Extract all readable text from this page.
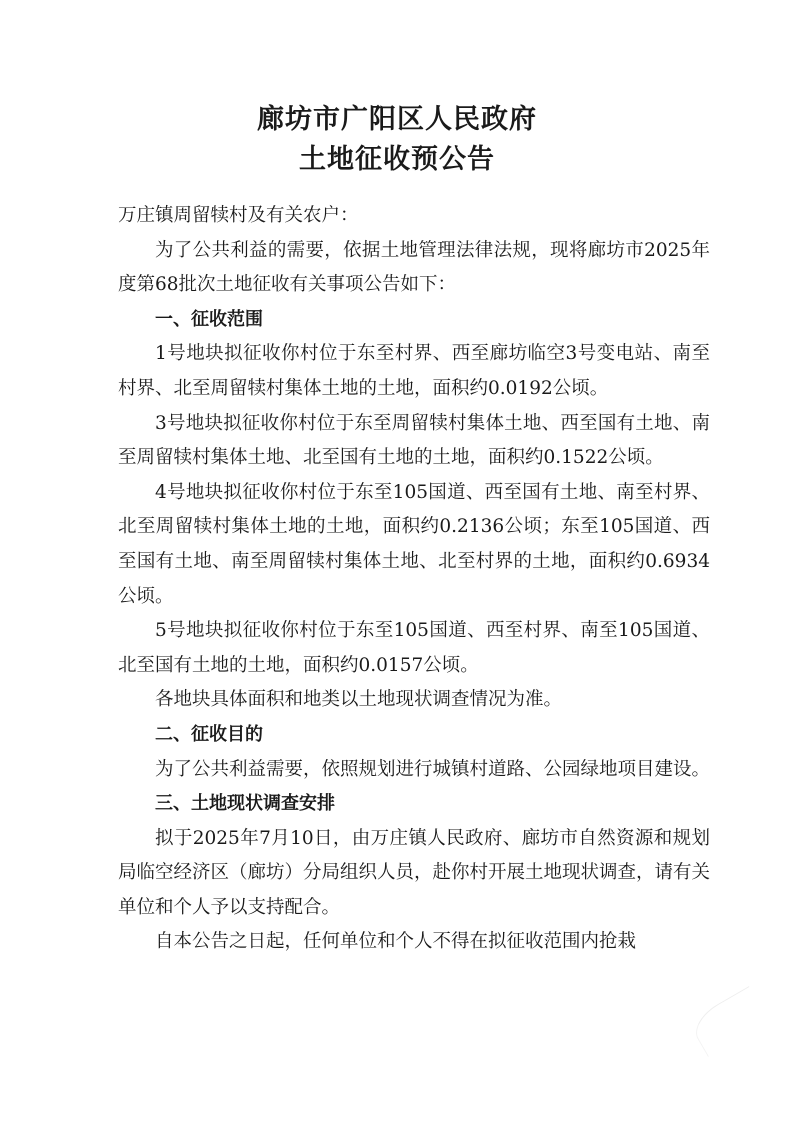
廊坊市广阳区人民政府
土地征收预公告

万庄镇周留犊村及有关农户：

为了公共利益的需要，依据土地管理法律法规，现将廊坊市2025年度第68批次土地征收有关事项公告如下：

一、征收范围

1号地块拟征收你村位于东至村界、西至廊坊临空3号变电站、南至村界、北至周留犊村集体土地的土地，面积约0.0192公顷。

3号地块拟征收你村位于东至周留犊村集体土地、西至国有土地、南至周留犊村集体土地、北至国有土地的土地，面积约0.1522公顷。

4号地块拟征收你村位于东至105国道、西至国有土地、南至村界、北至周留犊村集体土地的土地，面积约0.2136公顷；东至105国道、西至国有土地、南至周留犊村集体土地、北至村界的土地，面积约0.6934公顷。

5号地块拟征收你村位于东至105国道、西至村界、南至105国道、北至国有土地的土地，面积约0.0157公顷。

各地块具体面积和地类以土地现状调查情况为准。

二、征收目的

为了公共利益需要，依照规划进行城镇村道路、公园绿地项目建设。

三、土地现状调查安排

拟于2025年7月10日，由万庄镇人民政府、廊坊市自然资源和规划局临空经济区（廊坊）分局组织人员，赴你村开展土地现状调查，请有关单位和个人予以支持配合。

自本公告之日起，任何单位和个人不得在拟征收范围内抢栽
